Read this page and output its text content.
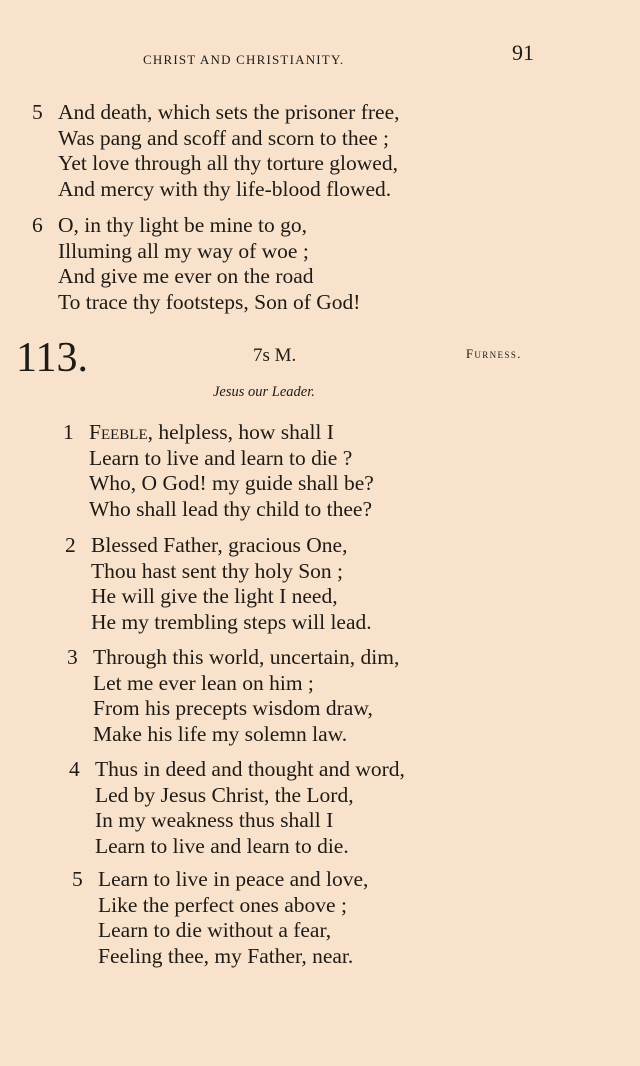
CHRIST AND CHRISTIANITY.	91
5 And death, which sets the prisoner free,
Was pang and scoff and scorn to thee ;
Yet love through all thy torture glowed,
And mercy with thy life-blood flowed.
6 O, in thy light be mine to go,
Illuming all my way of woe ;
And give me ever on the road
To trace thy footsteps, Son of God!
113.	7s M.	Furness.
Jesus our Leader.
1 Feeble, helpless, how shall I
Learn to live and learn to die ?
Who, O God! my guide shall be?
Who shall lead thy child to thee?
2 Blessed Father, gracious One,
Thou hast sent thy holy Son ;
He will give the light I need,
He my trembling steps will lead.
3 Through this world, uncertain, dim,
Let me ever lean on him ;
From his precepts wisdom draw,
Make his life my solemn law.
4 Thus in deed and thought and word,
Led by Jesus Christ, the Lord,
In my weakness thus shall I
Learn to live and learn to die.
5 Learn to live in peace and love,
Like the perfect ones above ;
Learn to die without a fear,
Feeling thee, my Father, near.
